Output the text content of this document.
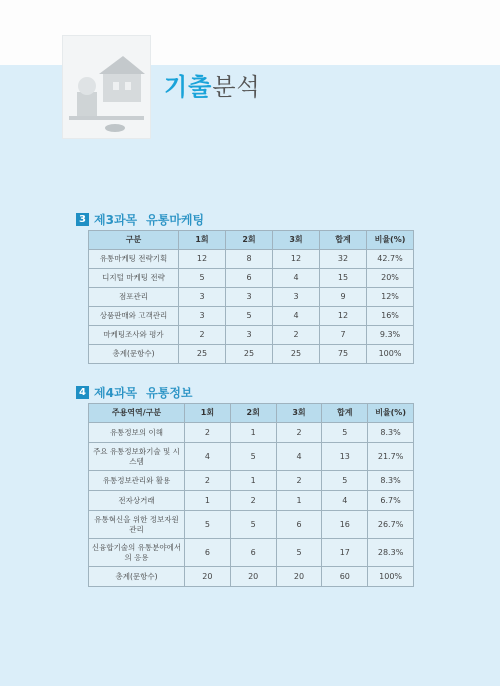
기출분석
3 제3과목 유통마케팅
구분	1회	2회	3회	합계	비율(%)
유통마케팅 전략기획	12	8	12	32	42.7%
디지털 마케팅 전략	5	6	4	15	20%
점포관리	3	3	3	9	12%
상품판매와 고객관리	3	5	4	12	16%
마케팅조사와 평가	2	3	2	7	9.3%
총계(문항수)	25	25	25	75	100%
4 제4과목 유통정보
주용역역/구분	1회	2회	3회	합계	비율(%)
유통정보의 이해	2	1	2	5	8.3%
주요 유통정보화기술 및 시스템	4	5	4	13	21.7%
유통정보관리와 활용	2	1	2	5	8.3%
전자상거래	1	2	1	4	6.7%
유통혁신을 위한 정보자원관리	5	5	6	16	26.7%
신융합기술의 유통분야에서의 응용	6	6	5	17	28.3%
총계(문항수)	20	20	20	60	100%
